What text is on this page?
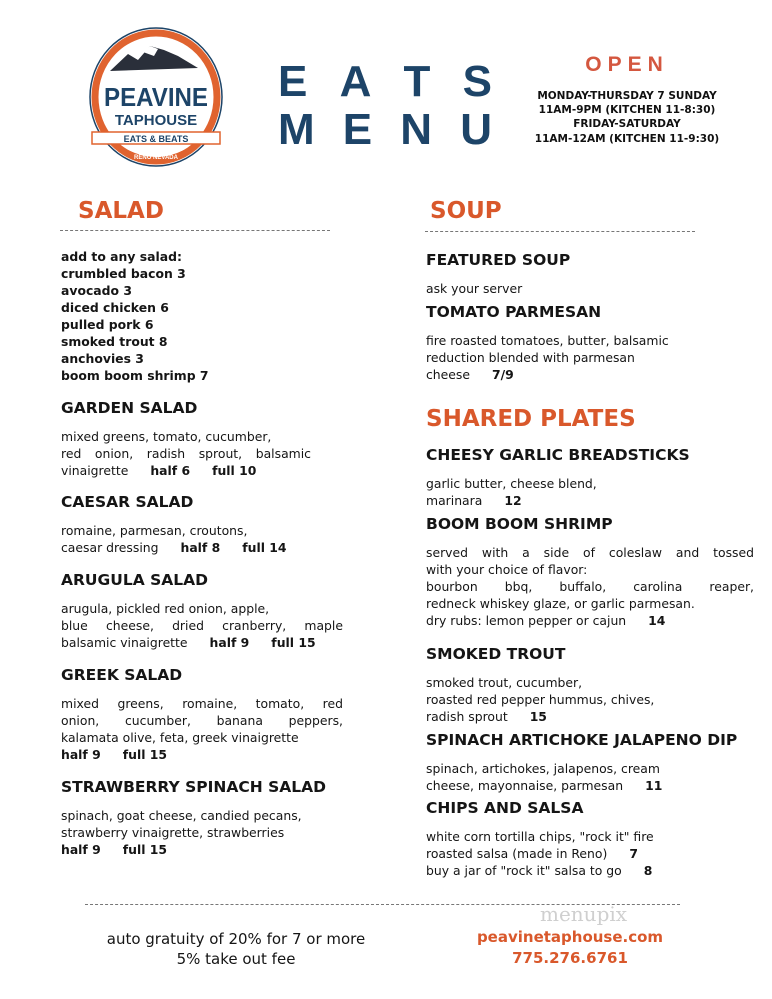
PEAVINE
TAPHOUSE
EATS & BEATS
RENO NEVADA
E A T S
M E N U
OPEN
MONDAY-THURSDAY 7 SUNDAY
11AM-9PM (KITCHEN 11-8:30)
FRIDAY-SATURDAY
11AM-12AM (KITCHEN 11-9:30)
SALAD	SOUP
SHARED PLATES
add to any salad:
crumbled bacon 3
avocado 3
diced chicken 6
pulled pork 6
smoked trout 8
anchovies 3
boom boom shrimp 7
GARDEN SALAD
mixed greens, tomato, cucumber,
red onion, radish sprout, balsamic
vinaigrette half 6 full 10
CAESAR SALAD
romaine, parmesan, croutons,
caesar dressing half 8 full 14
ARUGULA SALAD
arugula, pickled red onion, apple,
blue cheese, dried cranberry, maple
balsamic vinaigrette half 9 full 15
GREEK SALAD
mixed greens, romaine, tomato, red
onion, cucumber, banana peppers,
kalamata olive, feta, greek vinaigrette
half 9 full 15
STRAWBERRY SPINACH SALAD
spinach, goat cheese, candied pecans,
strawberry vinaigrette, strawberries
half 9 full 15
FEATURED SOUP
ask your server
TOMATO PARMESAN
fire roasted tomatoes, butter, balsamic
reduction blended with parmesan
cheese 7/9
CHEESY GARLIC BREADSTICKS
garlic butter, cheese blend,
marinara 12
BOOM BOOM SHRIMP
served with a side of coleslaw and tossed
with your choice of flavor:
bourbon bbq, buffalo, carolina reaper,
redneck whiskey glaze, or garlic parmesan.
dry rubs: lemon pepper or cajun 14
SMOKED TROUT
smoked trout, cucumber,
roasted red pepper hummus, chives,
radish sprout 15
SPINACH ARTICHOKE JALAPENO DIP
spinach, artichokes, jalapenos, cream
cheese, mayonnaise, parmesan 11
CHIPS AND SALSA
white corn tortilla chips, "rock it" fire
roasted salsa (made in Reno) 7
buy a jar of "rock it" salsa to go 8
auto gratuity of 20% for 7 or more
5% take out fee
peavinetaphouse.com
775.276.6761
menupix
